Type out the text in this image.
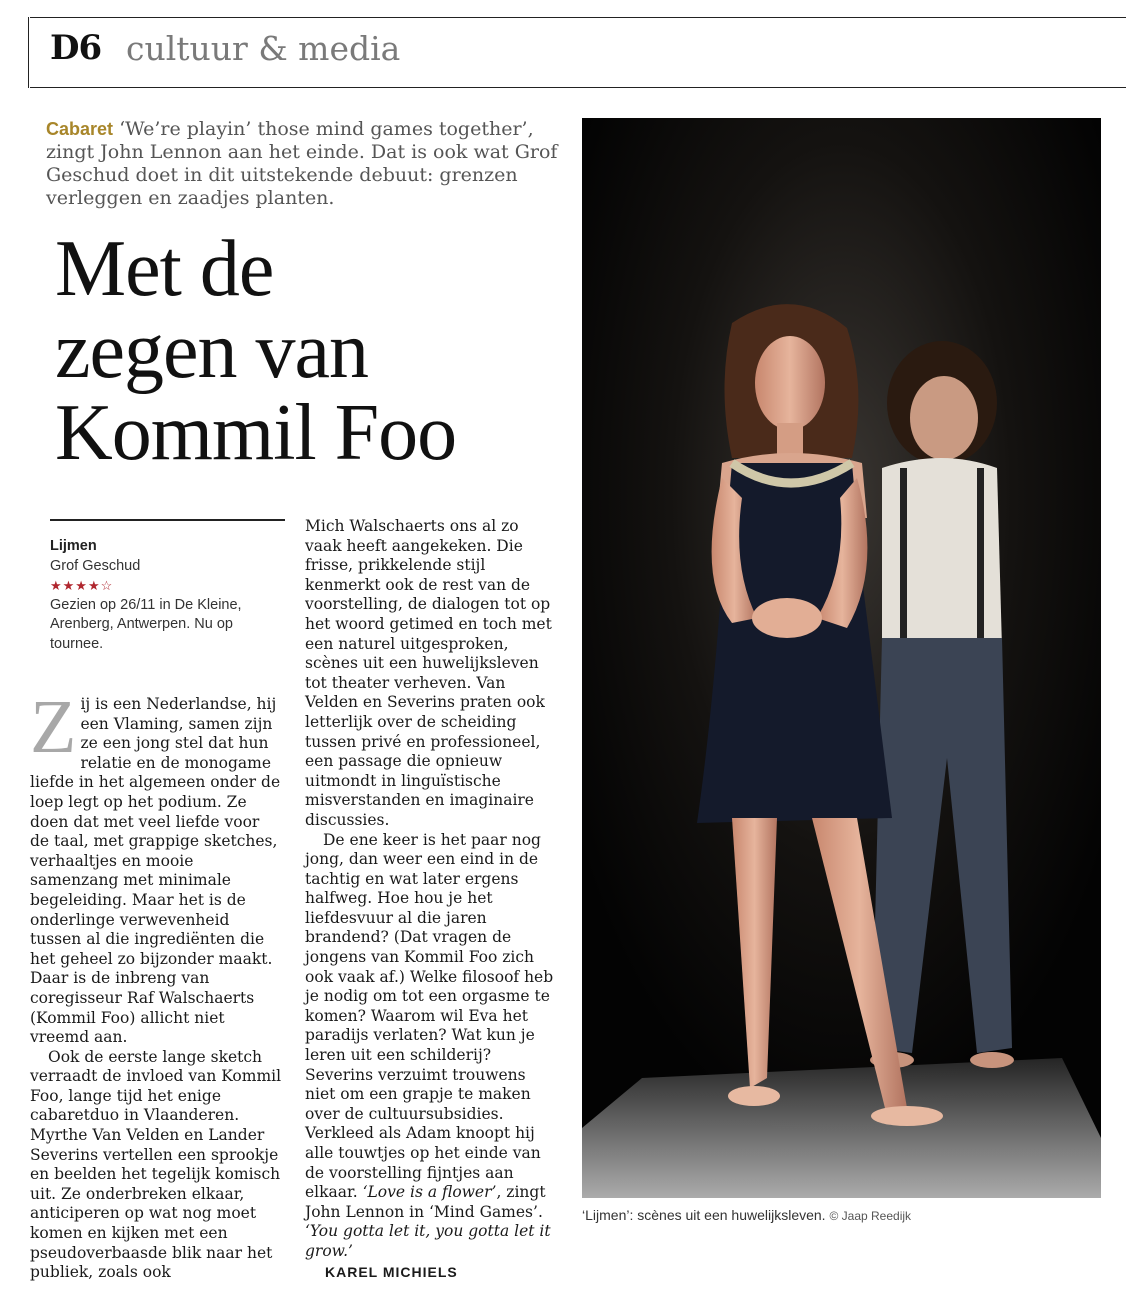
D6 cultuur & media
Cabaret ‘We’re playin’ those mind games together’, zingt John Lennon aan het einde. Dat is ook wat Grof Geschud doet in dit uitstekende debuut: grenzen verleggen en zaadjes planten.
Met de
zegen van
Kommil Foo
Lijmen
Grof Geschud
★★★★☆
Gezien op 26/11 in De Kleine, Arenberg, Antwerpen. Nu op tournee.

Zij is een Nederlandse, hij een Vlaming, samen zijn ze een jong stel dat hun relatie en de monogame liefde in het algemeen onder de loep legt op het podium. Ze doen dat met veel liefde voor de taal, met grappige sketches, verhaaltjes en mooie samenzang met minimale begeleiding. Maar het is de onderlinge verwevenheid tussen al die ingrediënten die het geheel zo bijzonder maakt. Daar is de inbreng van coregisseur Raf Walschaerts (Kommil Foo) allicht niet vreemd aan.

Ook de eerste lange sketch verraadt de invloed van Kommil Foo, lange tijd het enige cabaretduo in Vlaanderen. Myrthe Van Velden en Lander Severins vertellen een sprookje en beelden het tegelijk komisch uit. Ze onderbreken elkaar, anticiperen op wat nog moet komen en kijken met een pseudoverbaasde blik naar het publiek, zoals ook

Mich Walschaerts ons al zo vaak heeft aangekeken. Die frisse, prikkelende stijl kenmerkt ook de rest van de voorstelling, de dialogen tot op het woord getimed en toch met een naturel uitgesproken, scènes uit een huwelijksleven tot theater verheven. Van Velden en Severins praten ook letterlijk over de scheiding tussen privé en professioneel, een passage die opnieuw uitmondt in linguïstische misverstanden en imaginaire discussies.

De ene keer is het paar nog jong, dan weer een eind in de tachtig en wat later ergens halfweg. Hoe hou je het liefdesvuur al die jaren brandend? (Dat vragen de jongens van Kommil Foo zich ook vaak af.) Welke filosoof heb je nodig om tot een orgasme te komen? Waarom wil Eva het paradijs verlaten? Wat kun je leren uit een schilderij? Severins verzuimt trouwens niet om een grapje te maken over de cultuursubsidies. Verkleed als Adam knoopt hij alle touwtjes op het einde van de voorstelling fijntjes aan elkaar. ‘Love is a flower’, zingt John Lennon in ‘Mind Games’. ‘You gotta let it, you gotta let it grow.’

KAREL MICHIELS
‘Lijmen’: scènes uit een huwelijksleven. © Jaap Reedijk
